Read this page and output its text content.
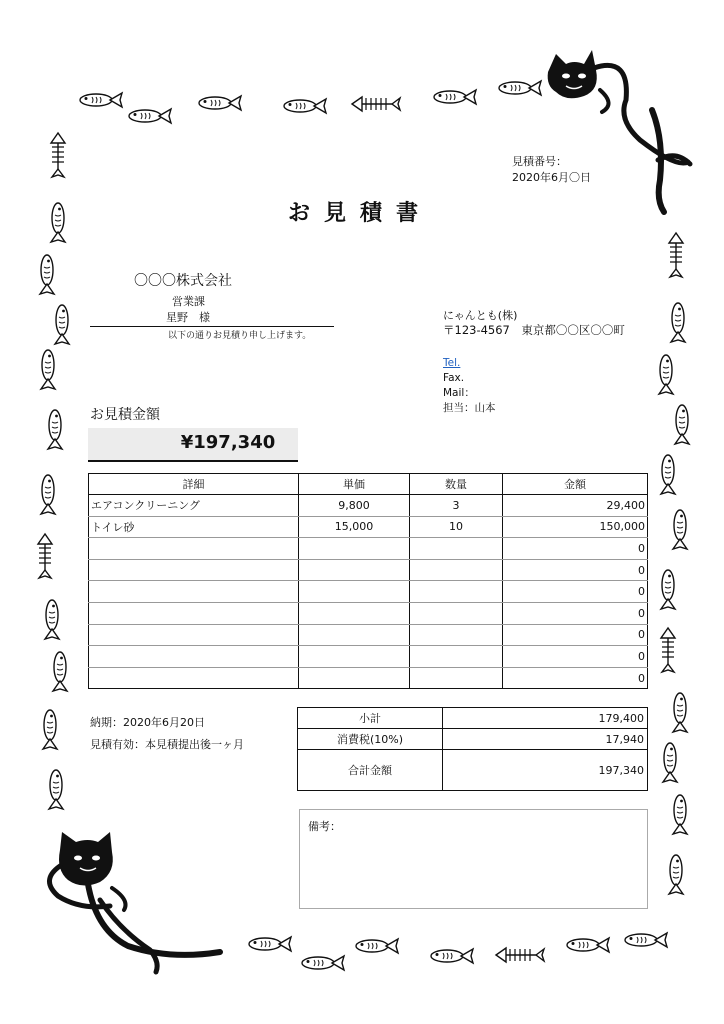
見積番号：
2020年6月〇日
お見積書
〇〇〇株式会社
営業課
星野　様
以下の通りお見積り申し上げます。
にゃんとも(株)
〒123-4567　東京都〇〇区〇〇町
Tel.
Fax.
Mail：
担当：山本
お見積金額
¥197,340
詳細	単価	数量	金額
エアコンクリーニング	9,800	3	29,400
トイレ砂	15,000	10	150,000
			0
			0
			0
			0
			0
			0
			0
納期：2020年6月20日
見積有効：本見積提出後一ヶ月
小計	179,400
消費税(10%)	17,940
合計金額	197,340
備考：
